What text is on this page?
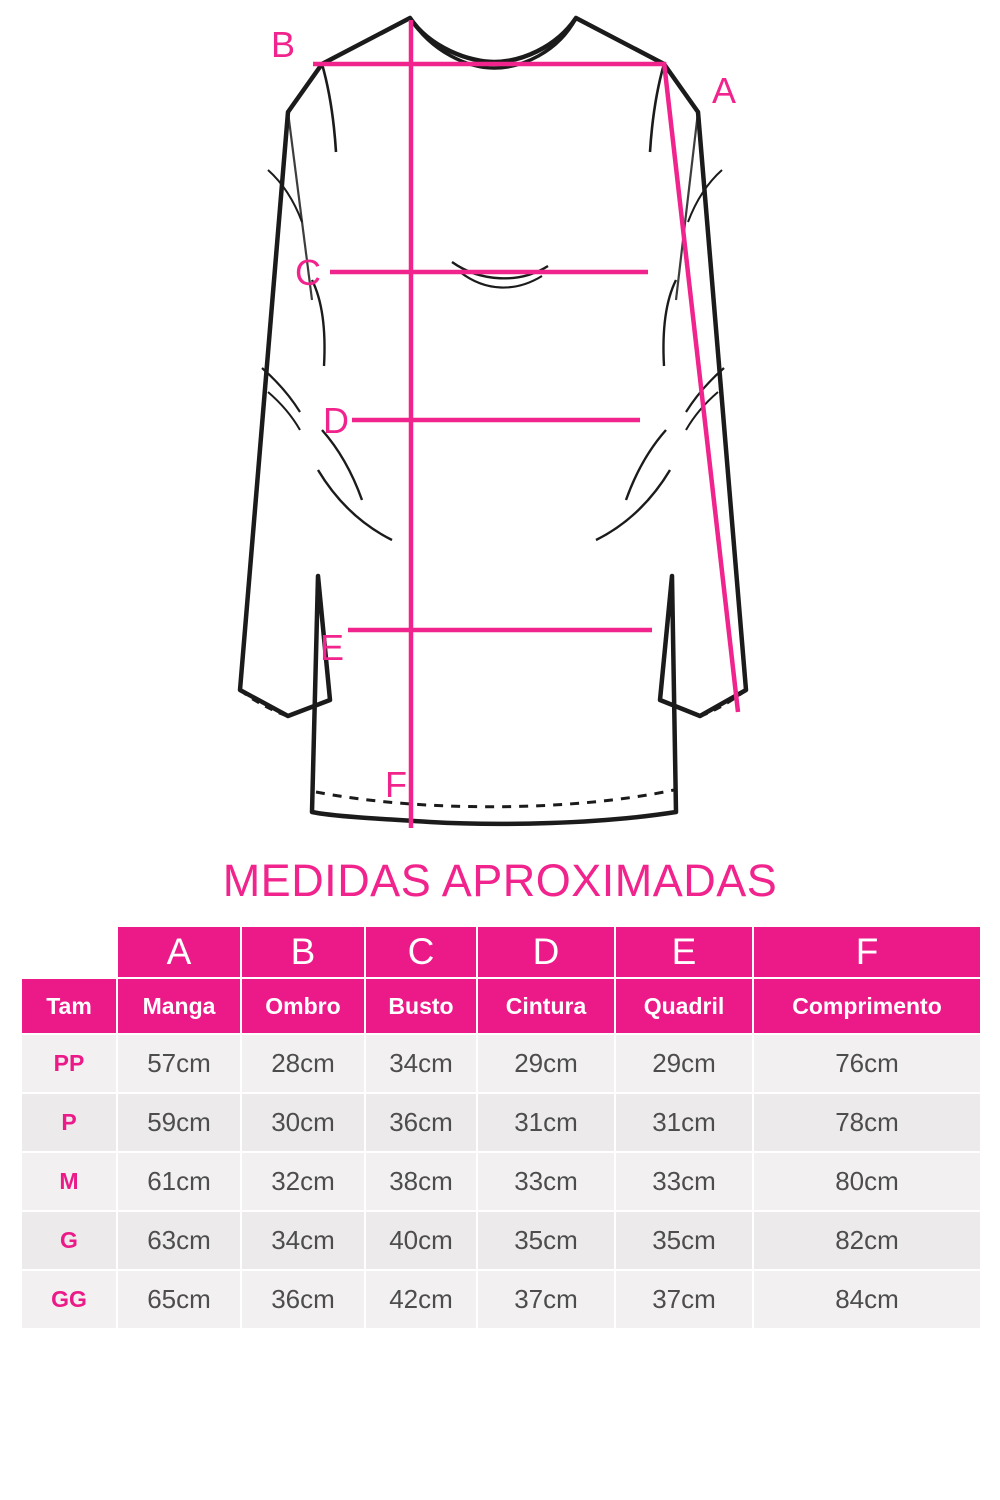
B
A
C
D
E
F
MEDIDAS APROXIMADAS
	A	B	C	D	E	F
Tam	Manga	Ombro	Busto	Cintura	Quadril	Comprimento
PP	57cm	28cm	34cm	29cm	29cm	76cm
P	59cm	30cm	36cm	31cm	31cm	78cm
M	61cm	32cm	38cm	33cm	33cm	80cm
G	63cm	34cm	40cm	35cm	35cm	82cm
GG	65cm	36cm	42cm	37cm	37cm	84cm
